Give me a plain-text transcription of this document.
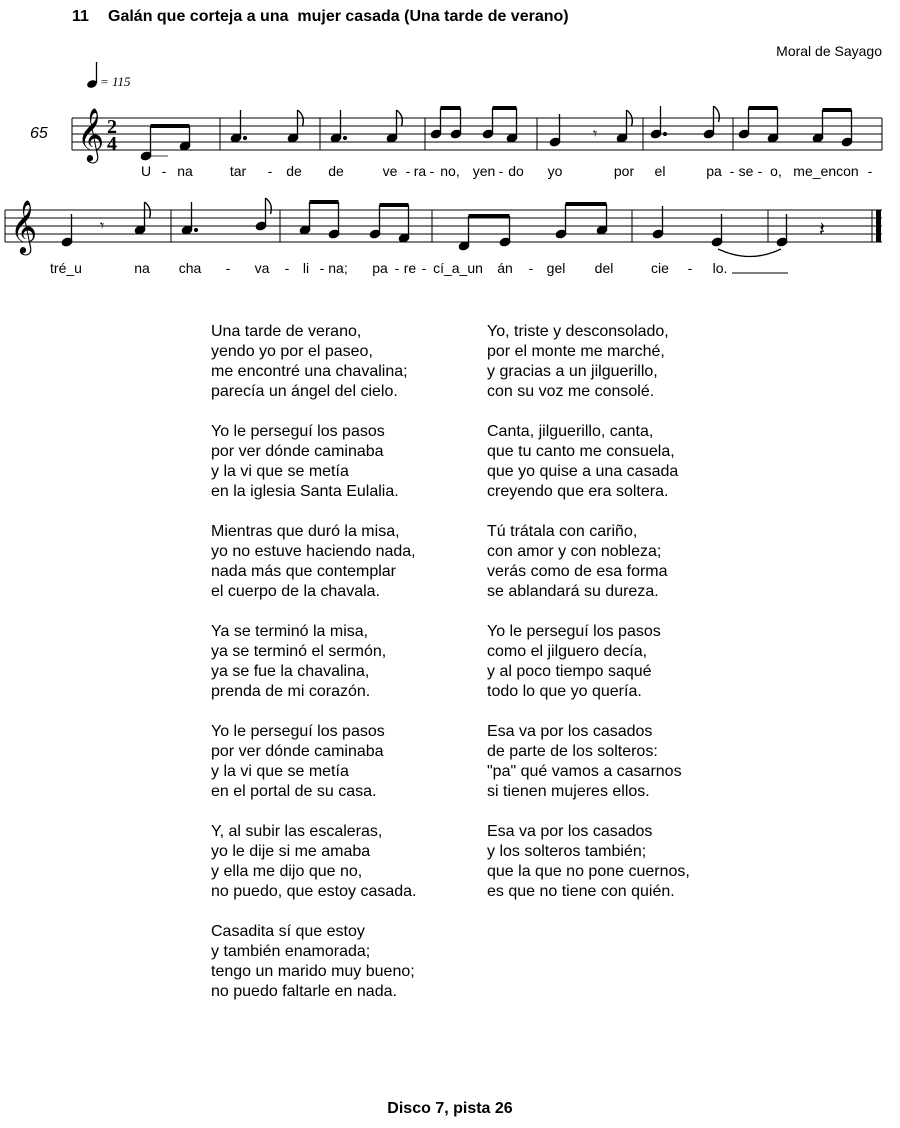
11 Galán que corteja a una  mujer casada (Una tarde de verano)
Moral de Sayago
= 115
65 𝄞 2
4	𝄾
U - na	tar - de de	ve - ra - no, yen - do yo	por el	pa - se - o, me_encon -
𝄞	𝄾	𝄽
tré_u	na cha - va - li - na; pa - re - cí_a_un án - gel del	cie - lo.
Una tarde de verano,
yendo yo por el paseo,
me encontré una chavalina;
parecía un ángel del cielo.
Yo le perseguí los pasos
por ver dónde caminaba
y la vi que se metía
en la iglesia Santa Eulalia.
Mientras que duró la misa,
yo no estuve haciendo nada,
nada más que contemplar
el cuerpo de la chavala.
Ya se terminó la misa,
ya se terminó el sermón,
ya se fue la chavalina,
prenda de mi corazón.
Yo le perseguí los pasos
por ver dónde caminaba
y la vi que se metía
en el portal de su casa.
Y, al subir las escaleras,
yo le dije si me amaba
y ella me dijo que no,
no puedo, que estoy casada.
Casadita sí que estoy
y también enamorada;
tengo un marido muy bueno;
no puedo faltarle en nada.
Yo, triste y desconsolado,
por el monte me marché,
y gracias a un jilguerillo,
con su voz me consolé.
Canta, jilguerillo, canta,
que tu canto me consuela,
que yo quise a una casada
creyendo que era soltera.
Tú trátala con cariño,
con amor y con nobleza;
verás como de esa forma
se ablandará su dureza.
Yo le perseguí los pasos
como el jilguero decía,
y al poco tiempo saqué
todo lo que yo quería.
Esa va por los casados
de parte de los solteros:
"pa" qué vamos a casarnos
si tienen mujeres ellos.
Esa va por los casados
y los solteros también;
que la que no pone cuernos,
es que no tiene con quién.
Disco 7, pista 26
